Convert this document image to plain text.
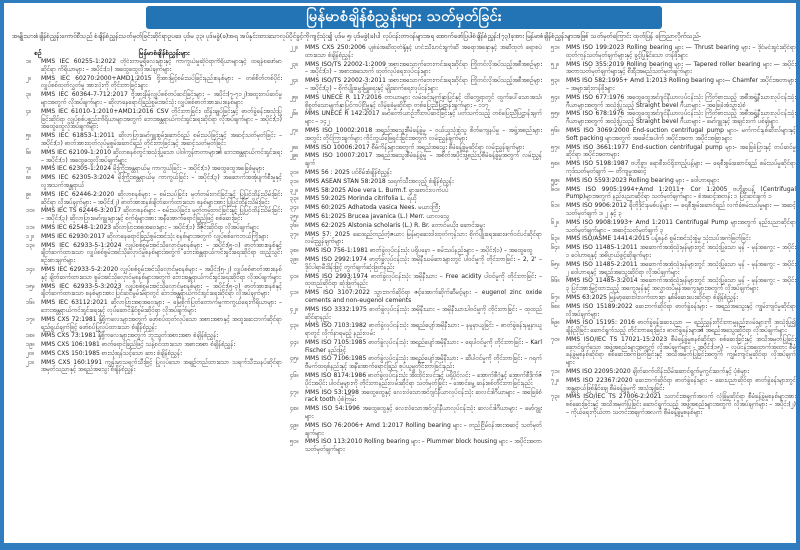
မြန်မာစံချိန်စံညွှန်းများ သတ်မှတ်ခြင်း
အမျိုးသားစံချိန်စံညွှန်းကောင်စီသည် စံချိန်စံညွှန်းသတ်မှတ်ခြင်းဆိုင်ရာဥပဒေ ပုဒ်မ ၃၃၊ ပုဒ်မခွဲ(ခ)အရ အပ်နှင်းထားသောလုပ်ပိုင်ခွင့်ကိုကျင့်သုံး၍ ပုဒ်မ ၅၊ ပုဒ်မခွဲ(ခ)ပါ လုပ်ငန်းတာဝန်များအရ အောက်ဖော်ပြပါစံချိန်စံညွှန်း(၇၃)ခုအား မြန်မာစံချိန်စံညွှန်းများအဖြစ် သတ်မှတ်ကြောင်း ထုတ်ပြန် ကြေညာလိုက်သည်-
စဉ်	မြန်မာစံချိန်စံညွှန်းများ
၁။	MMS IEC 60255-1:2022 တိုင်းတာမှုရီလေးများနှင့် ကာကွယ်မှုဆိုင်ရာကိရိယာများနှင့် ထရန်စဖော်မာဆိုင်ရာ ကိရိယာများ – အပိုင်း(၁) အထွေထွေလိုအပ်ချက်များ
၂။	MMS IEC 60270:2000+AMD1:2015 ဗို့အားမြင့်စမ်းသပ်ခြင်းနည်းစနစ်များ – တစ်စိတ်တစ်ပိုင်းလျှပ်စစ်ထုတ်လွှတ်မှု အားလုံးကို တိုင်းတာခြင်းများ
၃။	MMS IEC 60364-7-712:2017 ဗို့အားနိမ့်လျှပ်စစ်တပ်ဆင်ခြင်းများ – အပိုင်း(၇-၇၁၂)အထူးတပ်ဆင်မှုများအတွက် လိုအပ်ချက်များ – ဆိုလာနေရောင်ခြည်စွမ်းအင်သုံး လျှပ်စစ်ဓာတ်အားပေးစနစ်များ
၄။	MMS IEC 61010-1:2010+AMD1:2016 CSV တိုင်းတာခြင်း၊ ထိန်းချုပ်ခြင်းနှင့် ဓာတ်ခွဲခန်းအသုံးပြုခြင်းဆိုင်ရာ လျှပ်စစ်ပစ္စည်းကိရိယာများအတွက် ဘေးအန္တရာယ်ကင်းရှင်းရေးဆိုင်ရာ လိုအပ်ချက်များ – အပိုင်း(၁) အထွေထွေလိုအပ်ချက်များ
၅။	MMS IEC 61853-1:2011 ဆိုလာပြားမော်ဂျူးစွမ်းဆောင်ရည် စမ်းသပ်ခြင်းနှင့် အဆင့်သတ်မှတ်ခြင်း – အပိုင်း(၁) ဓာတ်အားထုတ်လုပ်မှုစွမ်းဆောင်ရည် တိုင်းတာခြင်းနှင့် အဆင့်သတ်မှတ်ခြင်း
၆။	MMS IEC 62109-1:2010 ဆိုလာစနစ်တွင်အသုံးပြုသော ပါဝါကွန်ဗာတာများ၏ ဘေးအန္တရာယ်ကင်းရှင်းရေး – အပိုင်း(၁) အထွေထွေလိုအပ်ချက်များ
၇။	MMS IEC 62305-1:2024 မိုးကြိုးအန္တရာယ်မှ ကာကွယ်ခြင်း – အပိုင်း(၁) အထွေထွေအခြေခံမူများ
၈။	MMS IEC 62305-3:2024 မိုးကြိုးအန္တရာယ်မှ ကာကွယ်ခြင်း – အပိုင်း(၃) အဆောက်အအုံပျက်စီးမှုနှင့် လူအသက်အန္တရာယ်
၉။	MMS IEC 62446-2:2020 ဆိုလာစနစ်များ – စမ်းသပ်ခြင်း၊ မှတ်တမ်းတင်ခြင်းနှင့် ပြုပြင်ထိန်းသိမ်းခြင်းဆိုင်ရာ လိုအပ်ချက်များ – အပိုင်း(၂) ဓာတ်အားစနစ်ချိတ်ဆက်ထားသော စနစ်များအား ပြုပြင်ထိန်းသိမ်းခြင်း
၁၀။	MMS IEC TS 62446-3:2017 ဆိုလာစနစ်များ – စမ်းသပ်ခြင်း၊ မှတ်တမ်းတင်ခြင်းနှင့် ပြုပြင်ထိန်းသိမ်းခြင်း – အပိုင်း(၃) ဆိုလာပြားမော်ဂျူးများနှင့် စက်ရုံများအား အနီအောက်ရောင်ခြည်ဖြင့် စစ်ဆေးခြင်း
၁၁။	MMS IEC 62548-1:2023 ဆိုလာပြားအစုအဝေးများ – အပိုင်း(၁) ဒီဇိုင်းဆိုင်ရာ လိုအပ်ချက်များ
၁၂။	MMS IEC 62930:2017 ဆိုလာနေရောင်ခြည်စွမ်းအင်သုံး စနစ်များအတွက် လျှပ်စစ်ကေဘယ်ကြိုးများ
၁၃။	MMS IEC 62933-5-1:2024 လျှပ်စစ်စွမ်းအင်သိုလှောင်မှုစနစ်များ – အပိုင်း(၅-၁) ဓာတ်အားစနစ်နှင့်ချိတ်ဆက်ထားသော လျှပ်စစ်စွမ်းအင်သိုလှောင်မှုစနစ်များအတွက် ဘေးအန္တရာယ်ကင်းရှင်းရေးဆိုင်ရာ ထည့်သွင်းစဉ်းစားချက်များ
၁၄။	MMS IEC 62933-5-2:2020 လျှပ်စစ်စွမ်းအင်သိုလှောင်မှုစနစ်များ – အပိုင်း(၅-၂) လျှပ်စစ်ဓာတ်အားစနစ်နှင့် ချိတ်ဆက်ထားသော စွမ်းအင်သိုလှောင်မှုစနစ်များအတွက် ဘေးအန္တရာယ်ကင်းရှင်းရေးဆိုင်ရာ လိုအပ်ချက်များ
၁၅။	MMS IEC 62933-5-3:2023 လျှပ်စစ်စွမ်းအင်သိုလှောင်မှုစနစ်များ – အပိုင်း(၅-၃) ဓာတ်အားစနစ်နှင့်ချိတ်ဆက်ထားသော စနစ်များအား ပြင်ဆင်မွမ်းမံရာတွင် ဘေးအန္တရာယ်ကင်းရှင်းရေးဆိုင်ရာ လိုအပ်ချက်များ
၁၆။	MMS IEC 63112:2021 ဆိုလာပြားအစုအဝေးများ – မြေစိုက်ပြတ်တောက်မှုကာကွယ်ရေးကိရိယာများ – ဘေးအန္တရာယ်ကင်းရှင်းရေးနှင့် လုပ်ဆောင်နိုင်စွမ်းဆိုင်ရာ လိုအပ်ချက်များ
၁၇။	MMS CXS 72:1981 နို့စို့ကလေးများအတွက် ဖော်စပ်ထုတ်လုပ်သော အစားအစာနှင့် အထူးဆေးဘက်ဆိုင်ရာ ရည်ရွယ်ချက်ဖြင့် ဖော်စပ်ပြုလုပ်ထားသော စံချိန်စံညွှန်း
၁၈။	MMS CXS 73:1981 နို့စို့ကလေးများအတွက် ဘူးသွတ်အစားအစာ စံချိန်စံညွှန်း
၁၉။	MMS CXS 106:1981 ဓာတ်ရောင်ခြည်ဖြင့် သန့်စင်ထားသော အစားအစာ စံချိန်စံညွှန်း
၂၀။	MMS CXS 150:1985 စားသုံးရန်သင့်သော ဆား စံချိန်စံညွှန်း
၂၁။	MMS CXS 160:1991 ကျွန်းမာသရက်သီးဖြင့် ပြုလုပ်သော အချဉ်တည်ထားသော သရက်သီးသနပ်ဆိုင်ရာ အမှတ်သညာနှင့် အရည်အသွေး စံချိန်စံညွှန်း
၂၂။	MMS CXS 250:2006 ပျစ်ခဲအဆီထုတ်နို့နှင့် ဟင်းသီးဟင်းရွက်ဆီ အရောအနှောနှင့် အဆီထုတ် ရောစပ်ထားသော စံချိန်စံညွှန်း
၂၃။	MMS ISO/TS 22002-1:2009 အစားအသောက်ဘေးကင်းရေးဆိုင်ရာ ကြိုတင်လိုအပ်သည့်အစီအစဉ်များ – အပိုင်း(၁) – အစားအသောက် ထုတ်လုပ်ရေးလုပ်ငန်းများ
၂၄။	MMS ISO/TS 22002-3:2011 အစားအသောက်ဘေးကင်းရေးဆိုင်ရာ ကြိုတင်လိုအပ်သည့်အစီအစဉ်များ – အပိုင်း(၃) – စိုက်ပျိုးမွေးမြူရေးနှင့် မျိုးဆက်ရေးလုပ်ငန်းများ
၂၅။	MMS UNECE R 117:2016 တာယာများ လမ်းခင်းမျက်နှာပြင်နှင့် ထိတွေ့ရာတွင် ထွက်ပေါ်သောအသံ၊ စိုစွတ်သောမျက်နှာပြင်ကပ်ငြိမှုနှင့် လိမ့်ခုခံမှုဆိုင်ရာ တစ်ပြေးညီပြဋ္ဌာန်းချက်များ – ၁၁၇
၂၆။	MMS UNECE R 142:2017 မော်တော်ယာဉ်ဘီးတပ်ဆင်ခြင်းနှင့် ပတ်သက်သည့် တစ်ပြေးညီပြဋ္ဌာန်းချက်များ – ၁၄၂
၂၇။	MMS ISO 10002:2018 အရည်အသွေးစီမံခန့်ခွဲမှု – ဝယ်ယူသုံးစွဲသူ စိတ်ကျေနပ်မှု – အဖွဲ့အစည်းများအတွင်း တိုင်ကြားချက်များ ကိုင်တွယ်ဖြေရှင်းခြင်းအတွက် လမ်းညွှန်ချက်များ
၂၈။	MMS ISO 10006:2017 စီမံကိန်းများအတွက် အရည်အသွေး စီမံခန့်ခွဲမှုဆိုင်ရာ လမ်းညွှန်ချက်များ
၂၉။	MMS ISO 10007:2017 အရည်အသွေးစီမံခန့်ခွဲမှု – အစိတ်အပိုင်းဖွဲ့စည်းပုံစီမံခန့်ခွဲမှုအတွက် လမ်းညွှန်ချက်
၃၀။	MMS 56 : 2025 ပင်စိမ်းစံချိန်စံညွှန်း
၃၁။	MMS ASEAN STAN 58:2018 သရက်သီးအလှည့် စံချိန်စံညွှန်း
၃၂။	MMS 58:2025 Aloe vera L. Burm.f. ရှားစောင်းလက်ပပ်
၃၃။	MMS 59:2025 Morinda citrifolia L. ရဲယို
၃၄။	MMS 60:2025 Adhatoda vasica Nees. မယားကြီး
၃၅။	MMS 61:2025 Brucea javanica (L.) Merr. ယာလသွေ
၃၆။	MMS 62:2025 Alstonia scholaris (L.) R. Br. တောင်မယိုး၊ ဆောင်းမွှေး
၃၇။	MMS 57: 2025 ဆေးရည်တည်တံ့ဇယား မြန်မာ့ဆေးဝါးထုတ်ကုန်သား စိုက်ပျိုးရေးဆေးဖက်ဝင်ပင်ဆိုင်ရာ လမ်းညွှန်ချက်များ
၃၈။	MMS ISO 756-1:1981 ဓာတ်ခွဲလုပ်ငန်းသုံး ပရိုပနော – စမ်းသပ်နည်းများ – အပိုင်း(၁) – အထွေထွေ
၃၉။	MMS ISO 2992:1974 ဓာတ်ခွဲလုပ်ငန်းသုံး အမိုနီးယမ်ဆားများတွင် ပါဝင်မှုကို တိုင်းတာခြင်း – 2, 2' – ဒိုင်ပါရာမီးဒိန်းဖြင့် တွက်ချက်ဆုံးဖြတ်နည်း
၄၀။	MMS ISO 2993:1974 ဓာတ်ခွဲလုပ်ငန်းသုံး အမိုနီးယား – Free acidity ပါဝင်မှုကို တိုင်းတာခြင်း – ထုထည်ဆိုင်ရာ ဆုံးဖြတ်နည်း
၄၁။	MMS ISO 3107:2022 သွားဘက်ဆိုင်ရာ ဇင့်အောက်ဆိုက်ဆီမင့်များ – eugenol zinc oxide cements and non-eugenol cements
၄၂။	MMS ISO 3332:1975 ဓာတ်ခွဲလုပ်ငန်းသုံး အမိုနီးယား – အမိုနီးယားပါဝင်မှုကို တိုင်းတာခြင်း – ထုထည်ဆိုင်ရာနည်း
၄၃။	MMS ISO 7103:1982 ဓာတ်ခွဲလုပ်ငန်းသုံး အရည်ပျော်အမိုနီးယား – နမူနာယူခြင်း – ဓာတ်ခွဲခန်းနမူနာယူရာတွင် လိုက်နာရမည့် နည်းလမ်း
၄၄။	MMS ISO 7105:1985 ဓာတ်ခွဲလုပ်ငန်းသုံး အရည်ပျော်အမိုနီးယား – ရေပါဝင်မှုကို တိုင်းတာခြင်း – Karl Fischer နည်းဖြင့်
၄၅။	MMS ISO 7106:1985 ဓာတ်ခွဲလုပ်ငန်းသုံး အရည်ပျော်အမိုနီးယား – ဆီပါဝင်မှုကို တိုင်းတာခြင်း – ဂရက်ဗီမက်ထရစ်နည်းနှင့် အနီအောက်ရောင်ခြည် စုပ်ယူမှုတိုင်းတာခြင်းနည်း
၄၆။	MMS ISO 8174:1986 ဓာတ်ခွဲလုပ်ငန်းသုံး အီးထိုင်းလင်းနှင့် ပရိုပိုင်လင်း – အောက်စီဂုံနှင့် အောက်စီဒိုက်ဇ်ပိုင်းအပိုင်း ပါဝင်မှုများကို တိုင်းတာနည်းလမ်းဆိုင်ရာ သတ်မှတ်ခြင်း – အောင်မွေ့ ဆန်းစစ်တိုင်းတာခြင်းနည်း
၄၇။	MMS ISO 53:1998 အထွေထွေနှင့် လေးလံသောအင်ဂျင်နီယာလုပ်ငန်းသုံး ဆလင်ဒါဂီယာများ – အခြေခံစံ rack tooth ပုံစံကြမ်း
၄၈။	MMS ISO 54:1996 အထွေထွေနှင့် လေးလံသောအင်ဂျင်နီယာလုပ်ငန်းသုံး ဆလင်ဒါဂီယာများ – မော်ဂျူးများ
၄၉။	MMS ISO 76:2006+ Amd 1:2017 Rolling bearing များ – တည်ငြိမ်ဝန်အားအဆင့် သတ်မှတ်ချက်များ
၅၀။	MMS ISO 113:2010 Rolling bearing များ – Plummer block housing များ – အပိုင်းအတာသတ်မှတ်ချက်များ
၅၁။	MMS ISO 199:2023 Rolling bearing များ — Thrust bearing များ – ဒိုင်မင်းရှင်းဆိုင်ရာ ထုတ်ကုန်သတ်မှတ်ချက်များနှင့် ခွင့်ပြုနိုင်သော တန်ဖိုးများ
၅၂။	MMS ISO 355:2019 Rolling bearing များ — Tapered roller bearing များ — အပိုင်းအတာသတ်မှတ်ချက်များနှင့် စီးရီးအမည်သတ်မှတ်ချက်များ
၅၃။	MMS ISO 582:1995+ Amd 1:2013 Rolling bearing များ— Chamfer အပိုင်းအတာများ – အများဆုံးတန်ဖိုးများ
၅၄။	MMS ISO 677:1976 အထွေထွေအင်ဂျင်နီယာလုပ်ငန်းသုံး ကြိတ်စားသည့် အစီအရွဲ့နီးယားလုပ်ငန်းသုံးဂီယာများအတွက် အသုံးပြုသည့် Straight bevel ဂီယာများ – အခြေခံအံသွားပုံစံ
၅၅။	MMS ISO 678:1976 အထွေထွေအင်ဂျင်နီယာလုပ်ငန်းသုံး ကြိတ်စားသည့် အစီအရွဲ့နီးယားလုပ်ငန်းသုံးဂီယာများအတွက် အသုံးပြုသည့် Straight bevel ဂီယာများ – မော်ဂျူးနှင့် အချင်းဝက် ပစ်ချ်များ
၅၆။	MMS ISO 3069:2000 End-suction centrifugal pump များ– မက်ကင်းနစ်ဆီးလ်များနှင့် Soft packing များအတွက် အခေါင်းပေါက် အပိုင်းအတာ အပိုင်းအခြားများ
၅၇။	MMS ISO 3661:1977 End-suction centrifugal pump များ– အခြေခံပြားနှင့် တပ်ဆင်မှုဆိုင်ရာ အပိုင်းအတာများ
၅၈။	MMS ISO 5198:1987 ဗဟိုခွာ၊ ရောစီးဝင်ရိုးတည့်ပန့်များ — ရေစီးစွမ်းဆောင်ရည် စမ်းသပ်မှုဆိုင်ရာ ကုဒ်သတ်မှတ်ချက် — တိကျမှုအဆင့်
၅၉။	MMS ISO 5593:2023 Rolling bearing များ – ဝေါဟာရများ
၆၀။	MMS ISO 9905:1994+Amd 1:2011+ Cor 1:2005 ဗဟိုခွာပန့် (Centrifugal Pump)များအတွက် နည်းပညာဆိုင်ရာ သတ်မှတ်ချက်များ – စံအဆင့်အတန်း ၁ ပြင်ဆင်ချက် ၁
၆၁။	MMS ISO 9906:2012 ရိုတိုဒိုင်းနမစ်ပန့်များ — ရေစီးစွမ်းဆောင်ရည် လက်ခံစမ်းသပ်မှုများ — အဆင့်သတ်မှတ်ချက် ၁၊ ၂ နှင့် ၃
၆၂။	MMS ISO 9908:1993+ Amd 1:2011 Centrifugal Pump များအတွက် နည်းပညာဆိုင်ရာ သတ်မှတ်ချက်များ – အဆင့်သတ်မှတ်ချက် ၃
၆၃။	MMS ISO/ASME 14414:2015 ပန့်စနစ် စွမ်းအင်သုံးစွဲမှု သုံးသပ်အကဲဖြတ်ခြင်း
၆၄။	MMS ISO 11485-1:2011 အဆောက်အအုံသုံးမှန်များတွင် အသုံးပြုသော မှန် - မှန်အကွေး – အပိုင်း ၁ ဝေါဟာရနှင့် အဓိပ္ပာယ်ဖွင့်ဆိုချက်များ
၆၅။	MMS ISO 11485-2:2011 အဆောက်အအုံသုံးမှန်များတွင် အသုံးပြုသော မှန် - မှန်အကွေး – အပိုင်း ၂ ဝေါဟာရနှင့် အရည်အသွေးဆိုင်ရာ လိုအပ်ချက်များ
၆၆။	MMS ISO 11485-3:2014 အဆောက်အအုံသုံးမှန်များတွင် အသုံးပြုသော မှန် - မှန်အကွေး – အပိုင်း ၃ ပြင်းအားမြှင့်ထားသည့် အကွေးမှန်နှင့် အလွှာထပ်မှန်အကွေးများအတွက် လိုအပ်ချက်များ
၆၇။	MMS 63:2025 မြန်မာ့ဆေးဝါးလက်ထားရာ နှစ်မိဆေးပေးဆိုင်ရာ စံချိန်စံညွှန်း
၆၈။	MMS ISO 15189:2022 ဆေးဘက်ဆိုင်ရာ ဓာတ်ခွဲခန်းများ – အရည်အသွေးနှင့် ကျွမ်းကျင်မှုဆိုင်ရာ လိုအပ်ချက်များ
၆၉။	MMS ISO 15195: 2016 ဓာတ်ခွဲခန်းဆေးပညာ — ရည်ညွှန်းတိုင်းတာမှုနည်းလမ်းများကို အသုံးပြု၍ ချိန်ညှိခြင်း ဆောင်ရွက်သည့် တိုင်းတာရေးခြင်း၊ ဓာတ်ခွဲခန်းများ၏ အရည်အသွေးဆိုင်ရာ လိုအပ်ချက်များ
၇၀။	MMS ISO/IEC TS 17021-15:2023 စီမံခန့်ခွဲမှုစနစ်ဆိုင်ရာ စစ်ဆေးခြင်းနှင့် အသိအမှတ်ပြုခြင်း ဆောင်ရွက်သော အဖွဲ့အစည်းများအတွက် လိုအပ်ချက်များ - အပိုင်း(၁၅) – လုပ်ငန်းအထောက်အထား စီမံခန့်ခွဲမှုစနစ်ဆိုင်ရာ စစ်ဆေးအကဲဖြတ်ခြင်းနှင့် အသိအမှတ်ပြုခြင်းအတွက် ကျွမ်းကျင်မှုဆိုင်ရာ လိုအပ်ချက်များ
၇၁။	MMS ISO 22095:2020 ချိတ်ဆက်ထိန်းသိမ်းဆောင်ရွက်မှုကွင်းဆက်နှင့် ပုံစံများ
၇၂။	MMS ISO 22367:2020 ဆေးဘက်ဆိုင်ရာ ဓာတ်ခွဲခန်းများ – ဆေးပညာဆိုင်ရာ ဓာတ်ခွဲခန်းများတွင် အန္တရာယ်ဖြစ်နိုင်ချေ စီမံခန့်ခွဲမှုကို အသုံးချခြင်း
၇၃။	MMS ISO/IEC TS 27006-2:2021 သတင်းအချက်အလက် လုံခြုံမှုဆိုင်ရာ စီမံခန့်ခွဲမှုစနစ်များအား စစ်ဆေးခြင်းနှင့် အသိအမှတ်ပြုခြင်း ဆောင်ရွက်သည့် အဖွဲ့အစည်းများအတွက် လိုအပ်ချက်များ – အပိုင်း(၂) – ကိုယ်ရေးကိုယ်တာ သတင်းအချက်အလက် စီမံခန့်ခွဲမှုစနစ်များ
